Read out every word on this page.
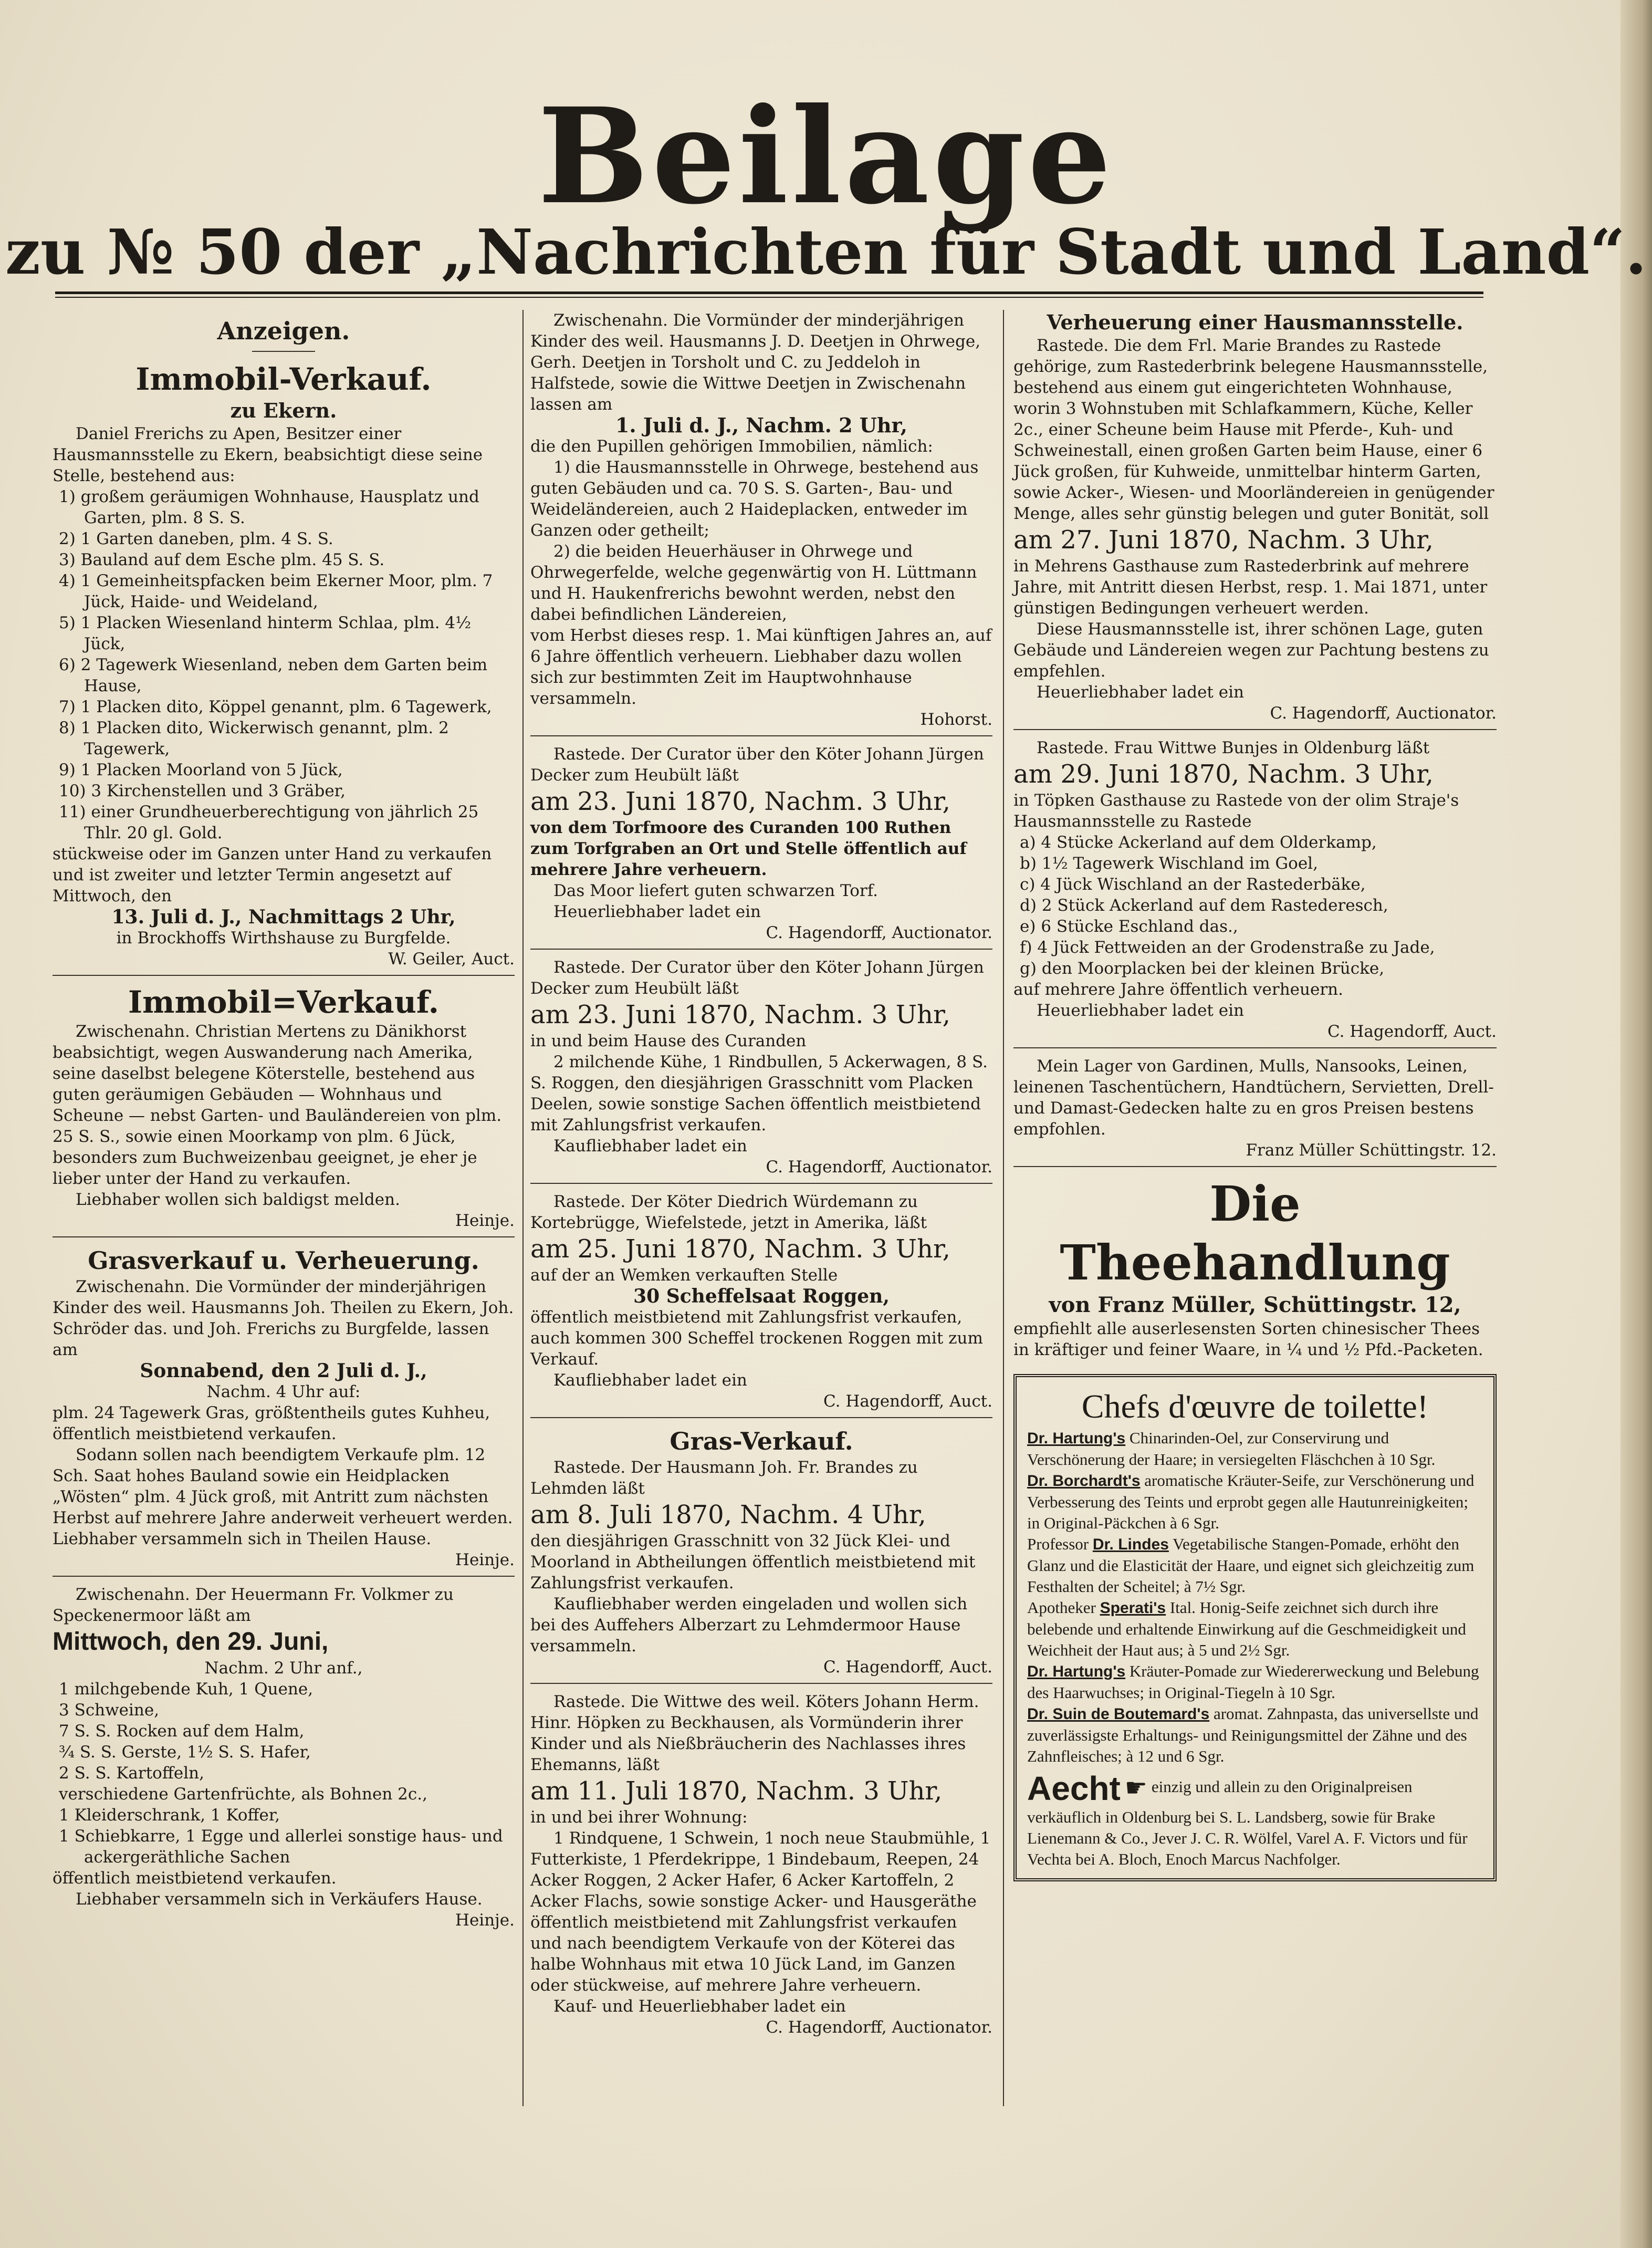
Beilage
zu № 50 der „Nachrichten für Stadt und Land“.

Anzeigen.

Immobil-Verkauf.

zu Ekern.

Daniel Frerichs zu Apen, Besitzer einer Hausmannsstelle zu Ekern, beabsichtigt diese seine Stelle, bestehend aus:

1) großem geräumigen Wohnhause, Hausplatz und Garten, plm. 8 S. S.

2) 1 Garten daneben, plm. 4 S. S.

3) Bauland auf dem Esche plm. 45 S. S.

4) 1 Gemeinheitspfacken beim Ekerner Moor, plm. 7 Jück, Haide- und Weideland,

5) 1 Placken Wiesenland hinterm Schlaa, plm. 4½ Jück,

6) 2 Tagewerk Wiesenland, neben dem Garten beim Hause,

7) 1 Placken dito, Köppel genannt, plm. 6 Tagewerk,

8) 1 Placken dito, Wickerwisch genannt, plm. 2 Tagewerk,

9) 1 Placken Moorland von 5 Jück,

10) 3 Kirchenstellen und 3 Gräber,

11) einer Grundheuerberechtigung von jährlich 25 Thlr. 20 gl. Gold.

stückweise oder im Ganzen unter Hand zu verkaufen und ist zweiter und letzter Termin angesetzt auf Mittwoch, den

13. Juli d. J., Nachmittags 2 Uhr,

in Brockhoffs Wirthshause zu Burgfelde.

W. Geiler, Auct.

Immobil=Verkauf.

Zwischenahn. Christian Mertens zu Dänikhorst beabsichtigt, wegen Auswanderung nach Amerika, seine daselbst belegene Köterstelle, bestehend aus guten geräumigen Gebäuden — Wohnhaus und Scheune — nebst Garten- und Bauländereien von plm. 25 S. S., sowie einen Moorkamp von plm. 6 Jück, besonders zum Buchweizenbau geeignet, je eher je lieber unter der Hand zu verkaufen.

Liebhaber wollen sich baldigst melden.

Heinje.

Grasverkauf u. Verheuerung.

Zwischenahn. Die Vormünder der minderjährigen Kinder des weil. Hausmanns Joh. Theilen zu Ekern, Joh. Schröder das. und Joh. Frerichs zu Burgfelde, lassen am

Sonnabend, den 2 Juli d. J.,

Nachm. 4 Uhr auf:

plm. 24 Tagewerk Gras, größtentheils gutes Kuhheu, öffentlich meistbietend verkaufen.

Sodann sollen nach beendigtem Verkaufe plm. 12 Sch. Saat hohes Bauland sowie ein Heidplacken „Wösten“ plm. 4 Jück groß, mit Antritt zum nächsten Herbst auf mehrere Jahre anderweit verheuert werden. Liebhaber versammeln sich in Theilen Hause.

Heinje.

Zwischenahn. Der Heuermann Fr. Volkmer zu Speckenermoor läßt am

Mittwoch, den 29. Juni,

Nachm. 2 Uhr anf.,

1 milchgebende Kuh, 1 Quene,

3 Schweine,

7 S. S. Rocken auf dem Halm,

¾ S. S. Gerste, 1½ S. S. Hafer,

2 S. S. Kartoffeln,

verschiedene Gartenfrüchte, als Bohnen 2c.,

1 Kleiderschrank, 1 Koffer,

1 Schiebkarre, 1 Egge und allerlei sonstige haus- und ackergeräthliche Sachen

öffentlich meistbietend verkaufen.

Liebhaber versammeln sich in Verkäufers Hause.

Heinje.

Zwischenahn. Die Vormünder der minderjährigen Kinder des weil. Hausmanns J. D. Deetjen in Ohrwege, Gerh. Deetjen in Torsholt und C. zu Jeddeloh in Halfstede, sowie die Wittwe Deetjen in Zwischenahn lassen am

1. Juli d. J., Nachm. 2 Uhr,

die den Pupillen gehörigen Immobilien, nämlich:

1) die Hausmannsstelle in Ohrwege, bestehend aus guten Gebäuden und ca. 70 S. S. Garten-, Bau- und Weideländereien, auch 2 Haideplacken, entweder im Ganzen oder getheilt;

2) die beiden Heuerhäuser in Ohrwege und Ohrwegerfelde, welche gegenwärtig von H. Lüttmann und H. Haukenfrerichs bewohnt werden, nebst den dabei befindlichen Ländereien,

vom Herbst dieses resp. 1. Mai künftigen Jahres an, auf 6 Jahre öffentlich verheuern. Liebhaber dazu wollen sich zur bestimmten Zeit im Hauptwohnhause versammeln.

Hohorst.

Rastede. Der Curator über den Köter Johann Jürgen Decker zum Heubült läßt

am 23. Juni 1870, Nachm. 3 Uhr,

von dem Torfmoore des Curanden 100 Ruthen zum Torfgraben an Ort und Stelle öffentlich auf mehrere Jahre verheuern.

Das Moor liefert guten schwarzen Torf.

Heuerliebhaber ladet ein

C. Hagendorff, Auctionator.

Rastede. Der Curator über den Köter Johann Jürgen Decker zum Heubült läßt

am 23. Juni 1870, Nachm. 3 Uhr,

in und beim Hause des Curanden

2 milchende Kühe, 1 Rindbullen, 5 Ackerwagen, 8 S. S. Roggen, den diesjährigen Grasschnitt vom Placken Deelen, sowie sonstige Sachen öffentlich meistbietend mit Zahlungsfrist verkaufen.

Kaufliebhaber ladet ein

C. Hagendorff, Auctionator.

Rastede. Der Köter Diedrich Würdemann zu Kortebrügge, Wiefelstede, jetzt in Amerika, läßt

am 25. Juni 1870, Nachm. 3 Uhr,

auf der an Wemken verkauften Stelle

30 Scheffelsaat Roggen,

öffentlich meistbietend mit Zahlungsfrist verkaufen, auch kommen 300 Scheffel trockenen Roggen mit zum Verkauf.

Kaufliebhaber ladet ein

C. Hagendorff, Auct.

Gras-Verkauf.

Rastede. Der Hausmann Joh. Fr. Brandes zu Lehmden läßt

am 8. Juli 1870, Nachm. 4 Uhr,

den diesjährigen Grasschnitt von 32 Jück Klei- und Moorland in Abtheilungen öffentlich meistbietend mit Zahlungsfrist verkaufen.

Kaufliebhaber werden eingeladen und wollen sich bei des Auffehers Alberzart zu Lehmdermoor Hause versammeln.

C. Hagendorff, Auct.

Rastede. Die Wittwe des weil. Köters Johann Herm. Hinr. Höpken zu Beckhausen, als Vormünderin ihrer Kinder und als Nießbräucherin des Nachlasses ihres Ehemanns, läßt

am 11. Juli 1870, Nachm. 3 Uhr,

in und bei ihrer Wohnung:

1 Rindquene, 1 Schwein, 1 noch neue Staubmühle, 1 Futterkiste, 1 Pferdekrippe, 1 Bindebaum, Reepen, 24 Acker Roggen, 2 Acker Hafer, 6 Acker Kartoffeln, 2 Acker Flachs, sowie sonstige Acker- und Hausgeräthe öffentlich meistbietend mit Zahlungsfrist verkaufen und nach beendigtem Verkaufe von der Köterei das halbe Wohnhaus mit etwa 10 Jück Land, im Ganzen oder stückweise, auf mehrere Jahre verheuern.

Kauf- und Heuerliebhaber ladet ein

C. Hagendorff, Auctionator.

Verheuerung einer Hausmannsstelle.

Rastede. Die dem Frl. Marie Brandes zu Rastede gehörige, zum Rastederbrink belegene Hausmannsstelle, bestehend aus einem gut eingerichteten Wohnhause, worin 3 Wohnstuben mit Schlafkammern, Küche, Keller 2c., einer Scheune beim Hause mit Pferde-, Kuh- und Schweinestall, einen großen Garten beim Hause, einer 6 Jück großen, für Kuhweide, unmittelbar hinterm Garten, sowie Acker-, Wiesen- und Moorländereien in genügender Menge, alles sehr günstig belegen und guter Bonität, soll

am 27. Juni 1870, Nachm. 3 Uhr,

in Mehrens Gasthause zum Rastederbrink auf mehrere Jahre, mit Antritt diesen Herbst, resp. 1. Mai 1871, unter günstigen Bedingungen verheuert werden.

Diese Hausmannsstelle ist, ihrer schönen Lage, guten Gebäude und Ländereien wegen zur Pachtung bestens zu empfehlen.

Heuerliebhaber ladet ein

C. Hagendorff, Auctionator.

Rastede. Frau Wittwe Bunjes in Oldenburg läßt

am 29. Juni 1870, Nachm. 3 Uhr,

in Töpken Gasthause zu Rastede von der olim Straje's Hausmannsstelle zu Rastede

a) 4 Stücke Ackerland auf dem Olderkamp,

b) 1½ Tagewerk Wischland im Goel,

c) 4 Jück Wischland an der Rastederbäke,

d) 2 Stück Ackerland auf dem Rastederesch,

e) 6 Stücke Eschland das.,

f) 4 Jück Fettweiden an der Grodenstraße zu Jade,

g) den Moorplacken bei der kleinen Brücke,

auf mehrere Jahre öffentlich verheuern.

Heuerliebhaber ladet ein

C. Hagendorff, Auct.

Mein Lager von Gardinen, Mulls, Nansooks, Leinen, leinenen Taschentüchern, Handtüchern, Servietten, Drell- und Damast-Gedecken halte zu en gros Preisen bestens empfohlen.

Franz Müller Schüttingstr. 12.

Die Theehandlung

von Franz Müller, Schüttingstr. 12,

empfiehlt alle auserlesensten Sorten chinesischer Thees in kräftiger und feiner Waare, in ¼ und ½ Pfd.-Packeten.

Chefs d'œuvre de toilette!

Dr. Hartung's Chinarinden-Oel, zur Conservirung und Verschönerung der Haare; in versiegelten Fläschchen à 10 Sgr.

Dr. Borchardt's aromatische Kräuter-Seife, zur Verschönerung und Verbesserung des Teints und erprobt gegen alle Hautunreinigkeiten; in Original-Päckchen à 6 Sgr.

Professor Dr. Lindes Vegetabilische Stangen-Pomade, erhöht den Glanz und die Elasticität der Haare, und eignet sich gleichzeitig zum Festhalten der Scheitel; à 7½ Sgr.

Apotheker Sperati's Ital. Honig-Seife zeichnet sich durch ihre belebende und erhaltende Einwirkung auf die Geschmeidigkeit und Weichheit der Haut aus; à 5 und 2½ Sgr.

Dr. Hartung's Kräuter-Pomade zur Wiedererweckung und Belebung des Haarwuchses; in Original-Tiegeln à 10 Sgr.

Dr. Suin de Boutemard's aromat. Zahnpasta, das universellste und zuverlässigste Erhaltungs- und Reinigungsmittel der Zähne und des Zahnfleisches; à 12 und 6 Sgr.

Aecht ☛ einzig und allein zu den Originalpreisen verkäuflich in Oldenburg bei S. L. Landsberg, sowie für Brake Lienemann & Co., Jever J. C. R. Wölfel, Varel A. F. Victors und für Vechta bei A. Bloch, Enoch Marcus Nachfolger.
